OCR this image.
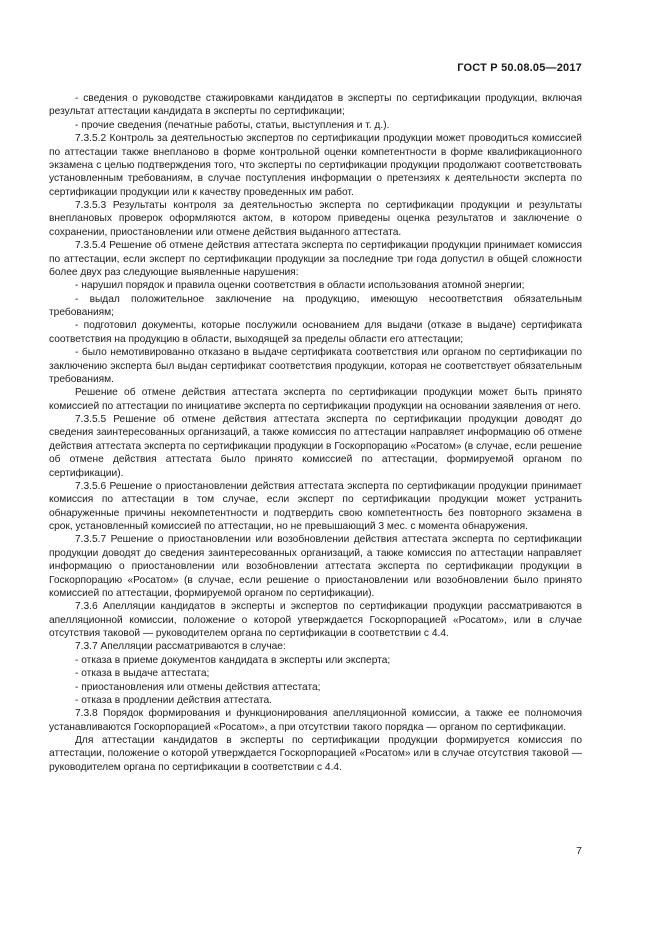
ГОСТ Р 50.08.05—2017

- сведения о руководстве стажировками кандидатов в эксперты по сертификации продукции, включая результат аттестации кандидата в эксперты по сертификации;

- прочие сведения (печатные работы, статьи, выступления и т. д.).

7.3.5.2 Контроль за деятельностью экспертов по сертификации продукции может проводиться комиссией по аттестации также внепланово в форме контрольной оценки компетентности в форме квалификационного экзамена с целью подтверждения того, что эксперты по сертификации продукции продолжают соответствовать установленным требованиям, в случае поступления информации о претензиях к деятельности эксперта по сертификации продукции или к качеству проведенных им работ.

7.3.5.3 Результаты контроля за деятельностью эксперта по сертификации продукции и результаты внеплановых проверок оформляются актом, в котором приведены оценка результатов и заключение о сохранении, приостановлении или отмене действия выданного аттестата.

7.3.5.4 Решение об отмене действия аттестата эксперта по сертификации продукции принимает комиссия по аттестации, если эксперт по сертификации продукции за последние три года допустил в общей сложности более двух раз следующие выявленные нарушения:

- нарушил порядок и правила оценки соответствия в области использования атомной энергии;

- выдал положительное заключение на продукцию, имеющую несоответствия обязательным требованиям;

- подготовил документы, которые послужили основанием для выдачи (отказе в выдаче) сертификата соответствия на продукцию в области, выходящей за пределы области его аттестации;

- было немотивированно отказано в выдаче сертификата соответствия или органом по сертификации по заключению эксперта был выдан сертификат соответствия продукции, которая не соответствует обязательным требованиям.

Решение об отмене действия аттестата эксперта по сертификации продукции может быть принято комиссией по аттестации по инициативе эксперта по сертификации продукции на основании заявления от него.

7.3.5.5 Решение об отмене действия аттестата эксперта по сертификации продукции доводят до сведения заинтересованных организаций, а также комиссия по аттестации направляет информацию об отмене действия аттестата эксперта по сертификации продукции в Госкорпорацию «Росатом» (в случае, если решение об отмене действия аттестата было принято комиссией по аттестации, формируемой органом по сертификации).

7.3.5.6 Решение о приостановлении действия аттестата эксперта по сертификации продукции принимает комиссия по аттестации в том случае, если эксперт по сертификации продукции может устранить обнаруженные причины некомпетентности и подтвердить свою компетентность без повторного экзамена в срок, установленный комиссией по аттестации, но не превышающий 3 мес. с момента обнаружения.

7.3.5.7 Решение о приостановлении или возобновлении действия аттестата эксперта по сертификации продукции доводят до сведения заинтересованных организаций, а также комиссия по аттестации направляет информацию о приостановлении или возобновлении аттестата эксперта по сертификации продукции в Госкорпорацию «Росатом» (в случае, если решение о приостановлении или возобновлении было принято комиссией по аттестации, формируемой органом по сертификации).

7.3.6 Апелляции кандидатов в эксперты и экспертов по сертификации продукции рассматриваются в апелляционной комиссии, положение о которой утверждается Госкорпорацией «Росатом», или в случае отсутствия таковой — руководителем органа по сертификации в соответствии с 4.4.

7.3.7 Апелляции рассматриваются в случае:

- отказа в приеме документов кандидата в эксперты или эксперта;

- отказа в выдаче аттестата;

- приостановления или отмены действия аттестата;

- отказа в продлении действия аттестата.

7.3.8 Порядок формирования и функционирования апелляционной комиссии, а также ее полномочия устанавливаются Госкорпорацией «Росатом», а при отсутствии такого порядка — органом по сертификации.

Для аттестации кандидатов в эксперты по сертификации продукции формируется комиссия по аттестации, положение о которой утверждается Госкорпорацией «Росатом» или в случае отсутствия таковой — руководителем органа по сертификации в соответствии с 4.4.

7
